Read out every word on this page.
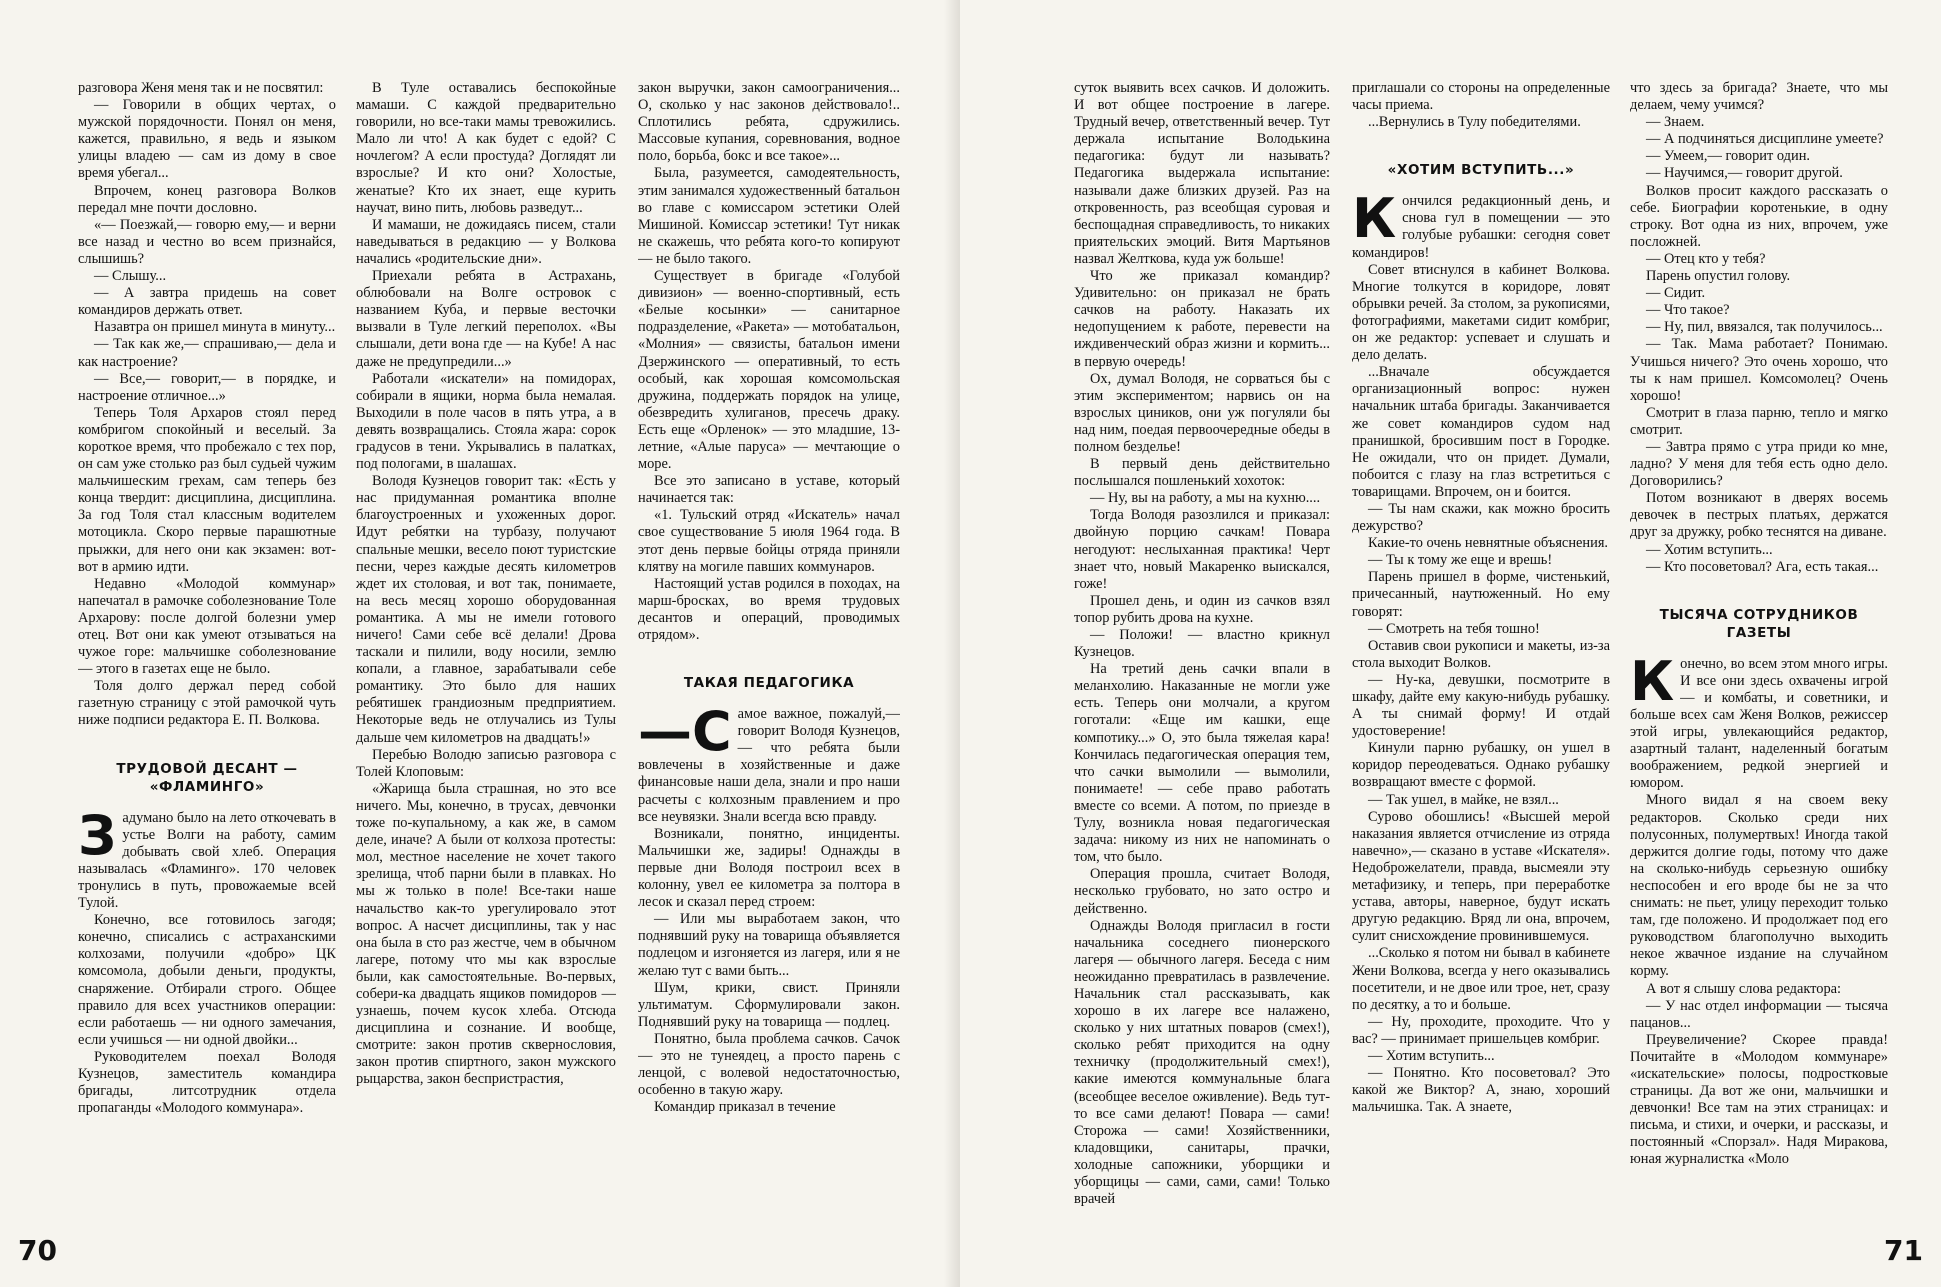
разговора Женя меня так и не посвятил:

— Говорили в общих чертах, о мужской порядочности. Понял он меня, кажется, правильно, я ведь и языком улицы владею — сам из дому в свое время убегал...

Впрочем, конец разговора Волков передал мне почти дословно.

«— Поезжай,— говорю ему,— и верни все назад и честно во всем признайся, слышишь?

— Слышу...

— А завтра придешь на совет командиров держать ответ.

Назавтра он пришел минута в минуту...

— Так как же,— спрашиваю,— дела и как настроение?

— Все,— говорит,— в порядке, и настроение отличное...»

Теперь Толя Архаров стоял перед комбригом спокойный и веселый. За короткое время, что пробежало с тех пор, он сам уже столько раз был судьей чужим мальчишеским грехам, сам теперь без конца твердит: дисциплина, дисциплина. За год Толя стал классным водителем мотоцикла. Скоро первые парашютные прыжки, для него они как экзамен: вот-вот в армию идти.

Недавно «Молодой коммунар» напечатал в рамочке соболезнование Толе Архарову: после долгой болезни умер отец. Вот они как умеют отзываться на чужое горе: мальчишке соболезнование — этого в газетах еще не было.

Толя долго держал перед собой газетную страницу с этой рамочкой чуть ниже подписи редактора Е. П. Волкова.

ТРУДОВОЙ ДЕСАНТ — «ФЛАМИНГО»

Задумано было на лето откочевать в устье Волги на работу, самим добывать свой хлеб. Операция называлась «Фламинго». 170 человек тронулись в путь, провожаемые всей Тулой.

Конечно, все готовилось загодя; конечно, списались с астраханскими колхозами, получили «добро» ЦК комсомола, добыли деньги, продукты, снаряжение. Отбирали строго. Общее правило для всех участников операции: если работаешь — ни одного замечания, если учишься — ни одной двойки...

Руководителем поехал Володя Кузнецов, заместитель командира бригады, литсотрудник отдела пропаганды «Молодого коммунара».

В Туле оставались беспокойные мамаши. С каждой предварительно говорили, но все-таки мамы тревожились. Мало ли что! А как будет с едой? С ночлегом? А если простуда? Доглядят ли взрослые? И кто они? Холостые, женатые? Кто их знает, еще курить научат, вино пить, любовь разведут...

И мамаши, не дожидаясь писем, стали наведываться в редакцию — у Волкова начались «родительские дни».

Приехали ребята в Астрахань, облюбовали на Волге островок с названием Куба, и первые весточки вызвали в Туле легкий переполох. «Вы слышали, дети вона где — на Кубе! А нас даже не предупредили...»

Работали «искатели» на помидорах, собирали в ящики, норма была немалая. Выходили в поле часов в пять утра, а в девять возвращались. Стояла жара: сорок градусов в тени. Укрывались в палатках, под пологами, в шалашах.

Володя Кузнецов говорит так: «Есть у нас придуманная романтика вполне благоустроенных и ухоженных дорог. Идут ребятки на турбазу, получают спальные мешки, весело поют туристские песни, через каждые десять километров ждет их столовая, и вот так, понимаете, на весь месяц хорошо оборудованная романтика. А мы не имели готового ничего! Сами себе всё делали! Дрова таскали и пилили, воду носили, землю копали, а главное, зарабатывали себе романтику. Это было для наших ребятишек грандиозным предприятием. Некоторые ведь не отлучались из Тулы дальше чем километров на двадцать!»

Перебью Володю записью разговора с Толей Клоповым:

«Жарища была страшная, но это все ничего. Мы, конечно, в трусах, девчонки тоже по-купальному, а как же, в самом деле, иначе? А были от колхоза протесты: мол, местное население не хочет такого зрелища, чтоб парни были в плавках. Но мы ж только в поле! Все-таки наше начальство как-то урегулировало этот вопрос. А насчет дисциплины, так у нас она была в сто раз жестче, чем в обычном лагере, потому что мы как взрослые были, как самостоятельные. Во-первых, собери-ка двадцать ящиков помидоров — узнаешь, почем кусок хлеба. Отсюда дисциплина и сознание. И вообще, смотрите: закон против сквернословия, закон против спиртного, закон мужского рыцарства, закон беспристрастия,

закон выручки, закон самоограничения... О, сколько у нас законов действовало!.. Сплотились ребята, сдружились. Массовые купания, соревнования, водное поло, борьба, бокс и все такое»...

Была, разумеется, самодеятельность, этим занимался художественный батальон во главе с комиссаром эстетики Олей Мишиной. Комиссар эстетики! Тут никак не скажешь, что ребята кого-то копируют — не было такого.

Существует в бригаде «Голубой дивизион» — военно-спортивный, есть «Белые косынки» — санитарное подразделение, «Ракета» — мотобатальон, «Молния» — связисты, батальон имени Дзержинского — оперативный, то есть особый, как хорошая комсомольская дружина, поддержать порядок на улице, обезвредить хулиганов, пресечь драку. Есть еще «Орленок» — это младшие, 13-летние, «Алые паруса» — мечтающие о море.

Все это записано в уставе, который начинается так:

«1. Тульский отряд «Искатель» начал свое существование 5 июля 1964 года. В этот день первые бойцы отряда приняли клятву на могиле павших коммунаров.

Настоящий устав родился в походах, на марш-бросках, во время трудовых десантов и операций, проводимых отрядом».

ТАКАЯ ПЕДАГОГИКА

—С амое важное, пожалуй,— говорит Володя Кузнецов,— что ребята были вовлечены в хозяйственные и даже финансовые наши дела, знали и про наши расчеты с колхозным правлением и про все неувязки. Знали всегда всю правду.

Возникали, понятно, инциденты. Мальчишки же, задиры! Однажды в первые дни Володя построил всех в колонну, увел ее километра за полтора в лесок и сказал перед строем:

— Или мы выработаем закон, что поднявший руку на товарища объявляется подлецом и изгоняется из лагеря, или я не желаю тут с вами быть...

Шум, крики, свист. Приняли ультиматум. Сформулировали закон. Поднявший руку на товарища — подлец.

Понятно, была проблема сачков. Сачок — это не тунеядец, а просто парень с ленцой, с волевой недостаточностью, особенно в такую жару.

Командир приказал в течение

70

суток выявить всех сачков. И доложить. И вот общее построение в лагере. Трудный вечер, ответственный вечер. Тут держала испытание Володькина педагогика: будут ли называть? Педагогика выдержала испытание: называли даже близких друзей. Раз на откровенность, раз всеобщая суровая и беспощадная справедливость, то никаких приятельских эмоций. Витя Мартьянов назвал Желткова, куда уж больше!

Что же приказал командир? Удивительно: он приказал не брать сачков на работу. Наказать их недопущением к работе, перевести на иждивенческий образ жизни и кормить... в первую очередь!

Ох, думал Володя, не сорваться бы с этим экспериментом; нарвись он на взрослых циников, они уж погуляли бы над ним, поедая первоочередные обеды в полном безделье!

В первый день действительно послышался пошленький хохоток:

— Ну, вы на работу, а мы на кухню....

Тогда Володя разозлился и приказал: двойную порцию сачкам! Повара негодуют: неслыханная практика! Черт знает что, новый Макаренко выискался, гоже!

Прошел день, и один из сачков взял топор рубить дрова на кухне.

— Положи! — властно крикнул Кузнецов.

На третий день сачки впали в меланхолию. Наказанные не могли уже есть. Теперь они молчали, а кругом гоготали: «Еще им кашки, еще компотику...» О, это была тяжелая кара! Кончилась педагогическая операция тем, что сачки вымолили — вымолили, понимаете! — себе право работать вместе со всеми. А потом, по приезде в Тулу, возникла новая педагогическая задача: никому из них не напоминать о том, что было.

Операция прошла, считает Володя, несколько грубовато, но зато остро и действенно.

Однажды Володя пригласил в гости начальника соседнего пионерского лагеря — обычного лагеря. Беседа с ним неожиданно превратилась в развлечение. Начальник стал рассказывать, как хорошо в их лагере все налажено, сколько у них штатных поваров (смех!), сколько ребят приходится на одну техничку (продолжительный смех!), какие имеются коммунальные блага (всеобщее веселое оживление). Ведь тут-то все сами делают! Повара — сами! Сторожа — сами! Хозяйственники, кладовщики, санитары, прачки, холодные сапожники, уборщики и уборщицы — сами, сами, сами! Только врачей

приглашали со стороны на определенные часы приема.

...Вернулись в Тулу победителями.

«ХОТИМ ВСТУПИТЬ...»

Кончился редакционный день, и снова гул в помещении — это голубые рубашки: сегодня совет командиров!

Совет втиснулся в кабинет Волкова. Многие толкутся в коридоре, ловят обрывки речей. За столом, за рукописями, фотографиями, макетами сидит комбриг, он же редактор: успевает и слушать и дело делать.

...Вначале обсуждается организационный вопрос: нужен начальник штаба бригады. Заканчивается же совет командиров судом над пранишкой, бросившим пост в Городке. Не ожидали, что он придет. Думали, побоится с глазу на глаз встретиться с товарищами. Впрочем, он и боится.

— Ты нам скажи, как можно бросить дежурство?

Какие-то очень невнятные объяснения.

— Ты к тому же еще и врешь!

Парень пришел в форме, чистенький, причесанный, наутюженный. Но ему говорят:

— Смотреть на тебя тошно!

Оставив свои рукописи и макеты, из-за стола выходит Волков.

— Ну-ка, девушки, посмотрите в шкафу, дайте ему какую-нибудь рубашку. А ты снимай форму! И отдай удостоверение!

Кинули парню рубашку, он ушел в коридор переодеваться. Однако рубашку возвращают вместе с формой.

— Так ушел, в майке, не взял...

Сурово обошлись! «Высшей мерой наказания является отчисление из отряда навечно»,— сказано в уставе «Искателя». Недоброжелатели, правда, высмеяли эту метафизику, и теперь, при переработке устава, авторы, наверное, будут искать другую редакцию. Вряд ли она, впрочем, сулит снисхождение провинившемуся.

...Сколько я потом ни бывал в кабинете Жени Волкова, всегда у него оказывались посетители, и не двое или трое, нет, сразу по десятку, а то и больше.

— Ну, проходите, проходите. Что у вас? — принимает пришельцев комбриг.

— Хотим вступить...

— Понятно. Кто посоветовал? Это какой же Виктор? А, знаю, хороший мальчишка. Так. А знаете,

что здесь за бригада? Знаете, что мы делаем, чему учимся?

— Знаем.

— А подчиняться дисциплине умеете?

— Умеем,— говорит один.

— Научимся,— говорит другой.

Волков просит каждого рассказать о себе. Биографии коротенькие, в одну строку. Вот одна из них, впрочем, уже посложней.

— Отец кто у тебя?

Парень опустил голову.

— Сидит.

— Что такое?

— Ну, пил, ввязался, так получилось...

— Так. Мама работает? Понимаю. Учишься ничего? Это очень хорошо, что ты к нам пришел. Комсомолец? Очень хорошо!

Смотрит в глаза парню, тепло и мягко смотрит.

— Завтра прямо с утра приди ко мне, ладно? У меня для тебя есть одно дело. Договорились?

Потом возникают в дверях восемь девочек в пестрых платьях, держатся друг за дружку, робко теснятся на диване.

— Хотим вступить...

— Кто посоветовал? Ага, есть такая...

ТЫСЯЧА СОТРУДНИКОВ ГАЗЕТЫ

Конечно, во всем этом много игры. И все они здесь охвачены игрой — и комбаты, и советники, и больше всех сам Женя Волков, режиссер этой игры, увлекающийся редактор, азартный талант, наделенный богатым воображением, редкой энергией и юмором.

Много видал я на своем веку редакторов. Сколько среди них полусонных, полумертвых! Иногда такой держится долгие годы, потому что даже на сколько-нибудь серьезную ошибку неспособен и его вроде бы не за что снимать: не пьет, улицу переходит только там, где положено. И продолжает под его руководством благополучно выходить некое жвачное издание на случайном корму.

А вот я слышу слова редактора:

— У нас отдел информации — тысяча пацанов...

Преувеличение? Скорее правда! Почитайте в «Молодом коммунаре» «искательские» полосы, подростковые страницы. Да вот же они, мальчишки и девчонки! Все там на этих страницах: и письма, и стихи, и очерки, и рассказы, и постоянный «Спорзал». Надя Миракова, юная журналистка «Моло

71
